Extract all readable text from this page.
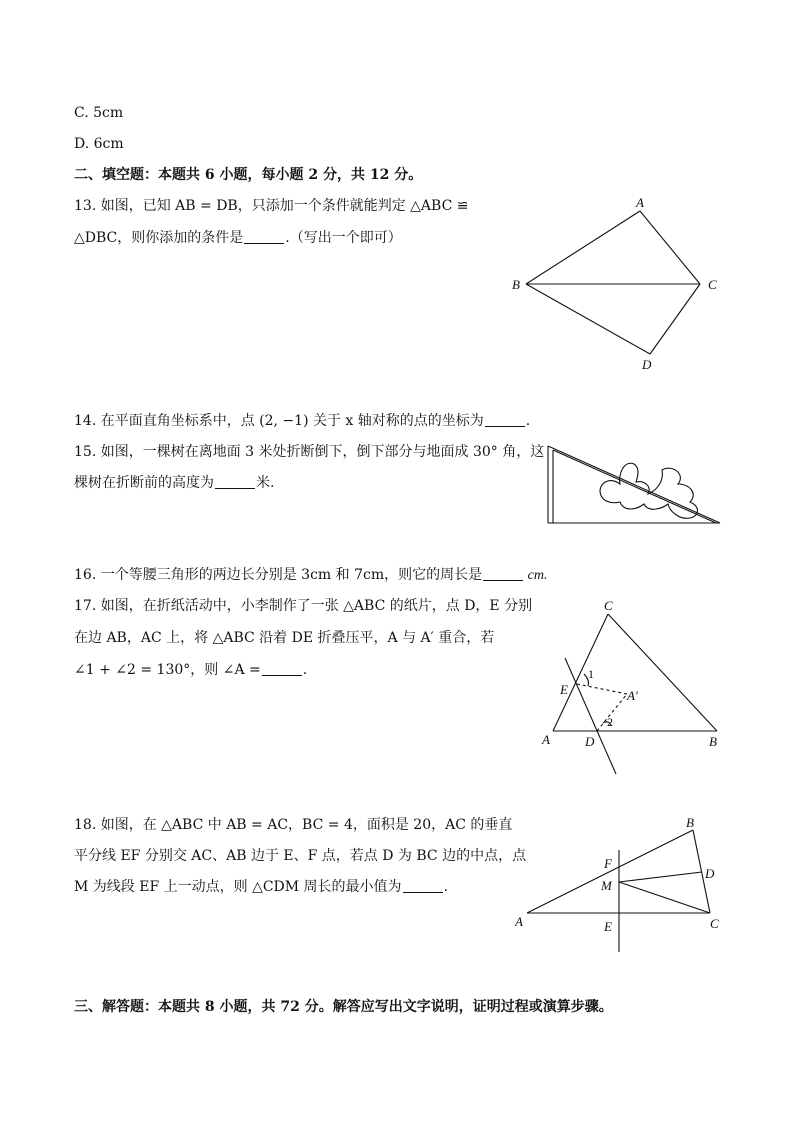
C. 5cm
D. 6cm
二、填空题：本题共 6 小题，每小题 2 分，共 12 分。
13. 如图，已知 AB = DB，只添加一个条件就能判定 △ABC ≌
△DBC，则你添加的条件是	.（写出一个即可）
A
B	C
D
14. 在平面直角坐标系中，点 (2, −1) 关于 x 轴对称的点的坐标为	.
15. 如图，一棵树在离地面 3 米处折断倒下，倒下部分与地面成 30° 角，这
棵树在折断前的高度为	米.
16. 一个等腰三角形的两边长分别是 3cm 和 7cm，则它的周长是	cm.
17. 如图，在折纸活动中，小李制作了一张 △ABC 的纸片，点 D，E 分别
在边 AB，AC 上，将 △ABC 沿着 DE 折叠压平，A 与 A′ 重合，若
∠1 + ∠2 = 130°，则 ∠A =	.
C
A	B
D
E	A′
1
2
18. 如图，在 △ABC 中 AB = AC，BC = 4，面积是 20，AC 的垂直
平分线 EF 分别交 AC、AB 边于 E、F 点，若点 D 为 BC 边的中点，点
M 为线段 EF 上一动点，则 △CDM 周长的最小值为	.
B
A	C
D
F
M
E
三、解答题：本题共 8 小题，共 72 分。解答应写出文字说明，证明过程或演算步骤。
